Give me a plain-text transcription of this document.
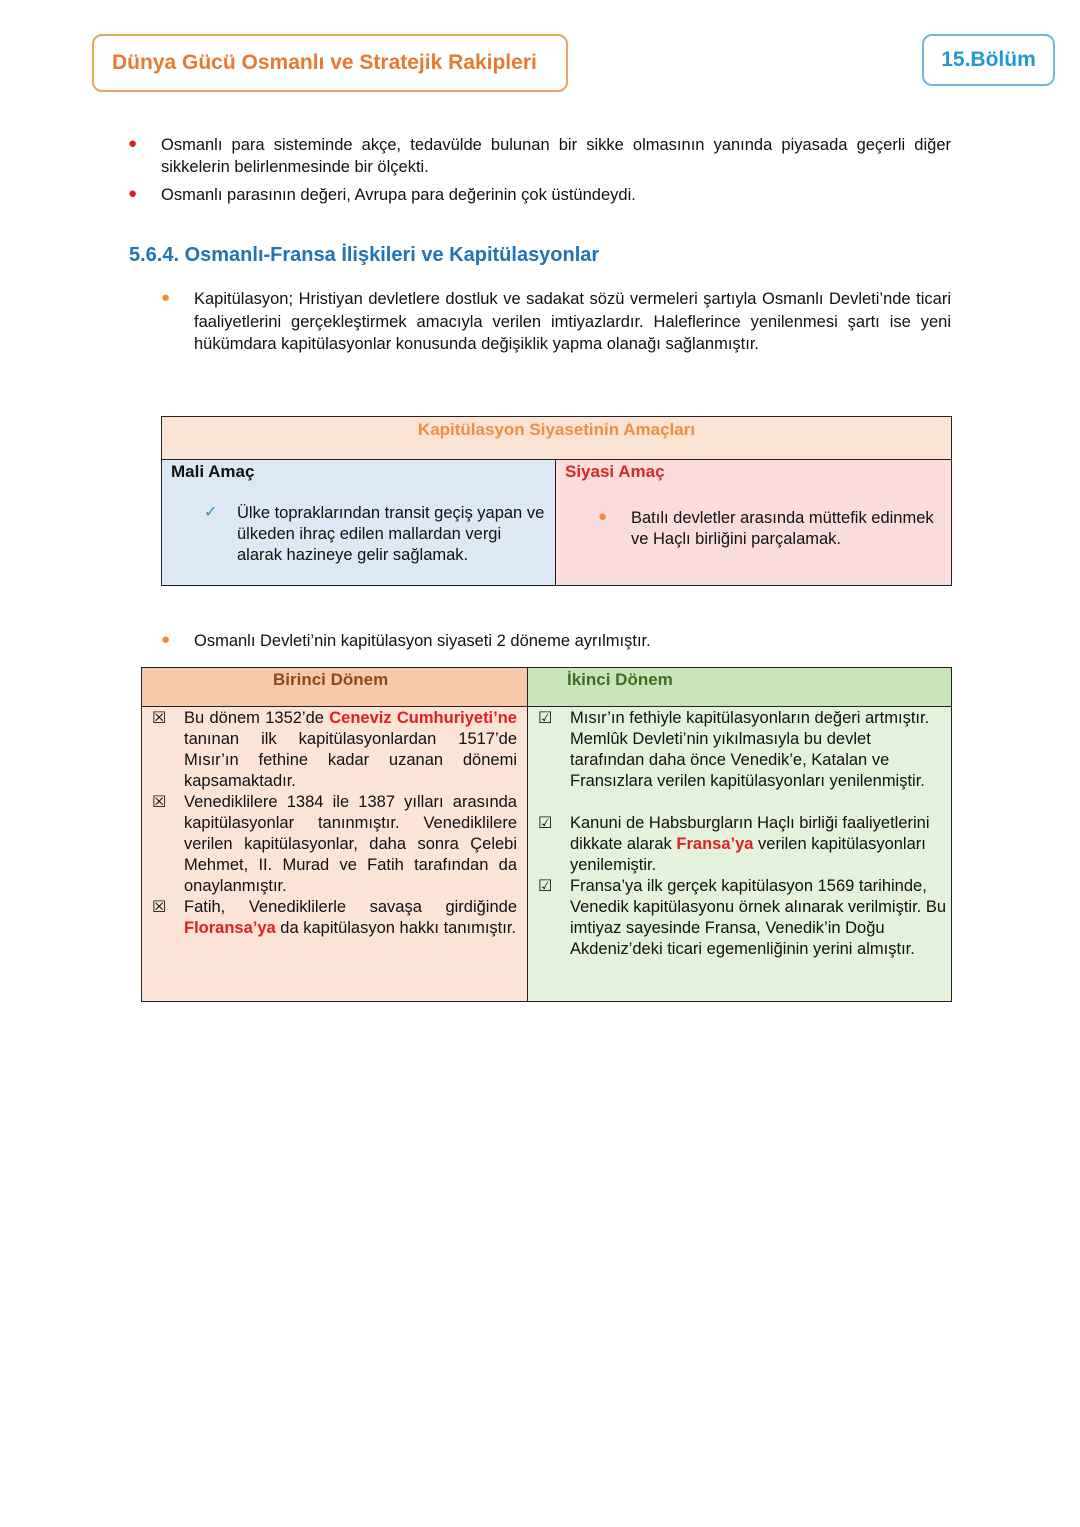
Dünya Gücü Osmanlı ve Stratejik Rakipleri	15.Bölüm
● Osmanlı para sisteminde akçe, tedavülde bulunan bir sikke olmasının yanında piyasada geçerli diğer sikkelerin belirlenmesinde bir ölçekti.
● Osmanlı parasının değeri, Avrupa para değerinin çok üstündeydi.
5.6.4. Osmanlı-Fransa İlişkileri ve Kapitülasyonlar
● Kapitülasyon; Hristiyan devletlere dostluk ve sadakat sözü vermeleri şartıyla Osmanlı Devleti’nde ticari faaliyetlerini gerçekleştirmek amacıyla verilen imtiyazlardır. Haleflerince yenilenmesi şartı ise yeni hükümdara kapitülasyonlar konusunda değişiklik yapma olanağı sağlanmıştır.
Kapitülasyon Siyasetinin Amaçları
Mali Amaç
✓ Ülke topraklarından transit geçiş yapan ve ülkeden ihraç edilen mallardan vergi alarak hazineye gelir sağlamak.
Siyasi Amaç
● Batılı devletler arasında müttefik edinmek ve Haçlı birliğini parçalamak.
● Osmanlı Devleti’nin kapitülasyon siyaseti 2 döneme ayrılmıştır.
Birinci Dönem	İkinci Dönem
☒ Bu dönem 1352’de Ceneviz Cumhuriyeti’ne tanınan ilk kapitülasyonlardan 1517’de Mısır’ın fethine kadar uzanan dönemi kapsamaktadır.
☒ Venediklilere 1384 ile 1387 yılları arasında kapitülasyonlar tanınmıştır. Venediklilere verilen kapitülasyonlar, daha sonra Çelebi Mehmet, II. Murad ve Fatih tarafından da onaylanmıştır.
☒ Fatih, Venediklilerle savaşa girdiğinde Floransa’ya da kapitülasyon hakkı tanımıştır.
☑ Mısır’ın fethiyle kapitülasyonların değeri artmıştır. Memlûk Devleti’nin yıkılmasıyla bu devlet tarafından daha önce Venedik’e, Katalan ve Fransızlara verilen kapitülasyonları yenilenmiştir.
☑ Kanuni de Habsburgların Haçlı birliği faaliyetlerini dikkate alarak Fransa’ya verilen kapitülasyonları yenilemiştir.
☑ Fransa’ya ilk gerçek kapitülasyon 1569 tarihinde, Venedik kapitülasyonu örnek alınarak verilmiştir. Bu imtiyaz sayesinde Fransa, Venedik’in Doğu Akdeniz’deki ticari egemenliğinin yerini almıştır.
